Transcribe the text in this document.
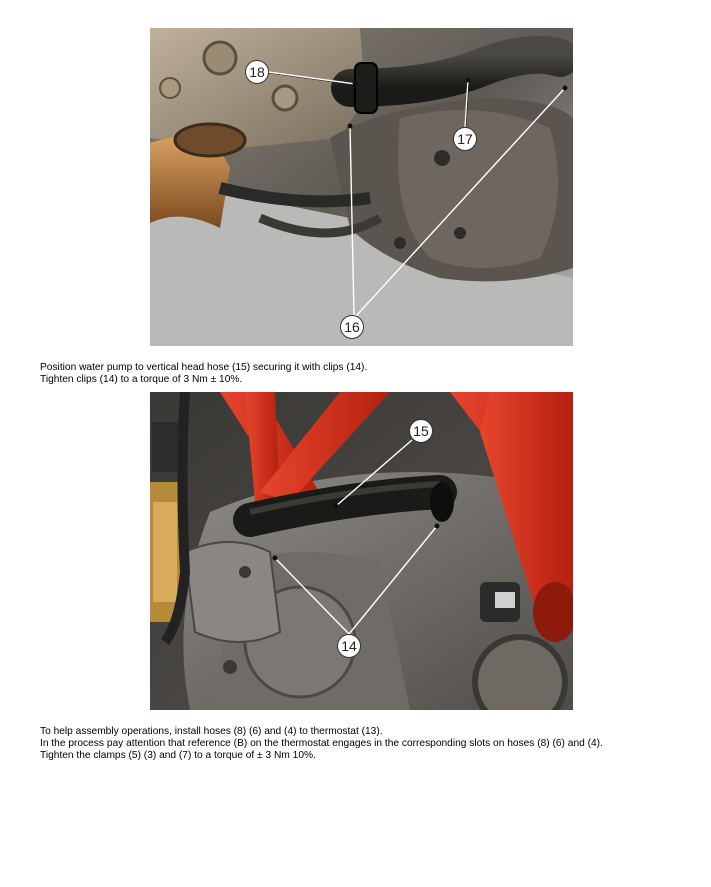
18
17
16
Position water pump to vertical head hose (15) securing it with clips (14).
Tighten clips (14) to a torque of 3 Nm ± 10%.
15
14
To help assembly operations, install hoses (8) (6) and (4) to thermostat (13).
In the process pay attention that reference (B) on the thermostat engages in the corresponding slots on hoses (8) (6) and (4).
Tighten the clamps (5) (3) and (7) to a torque of ± 3 Nm 10%.
